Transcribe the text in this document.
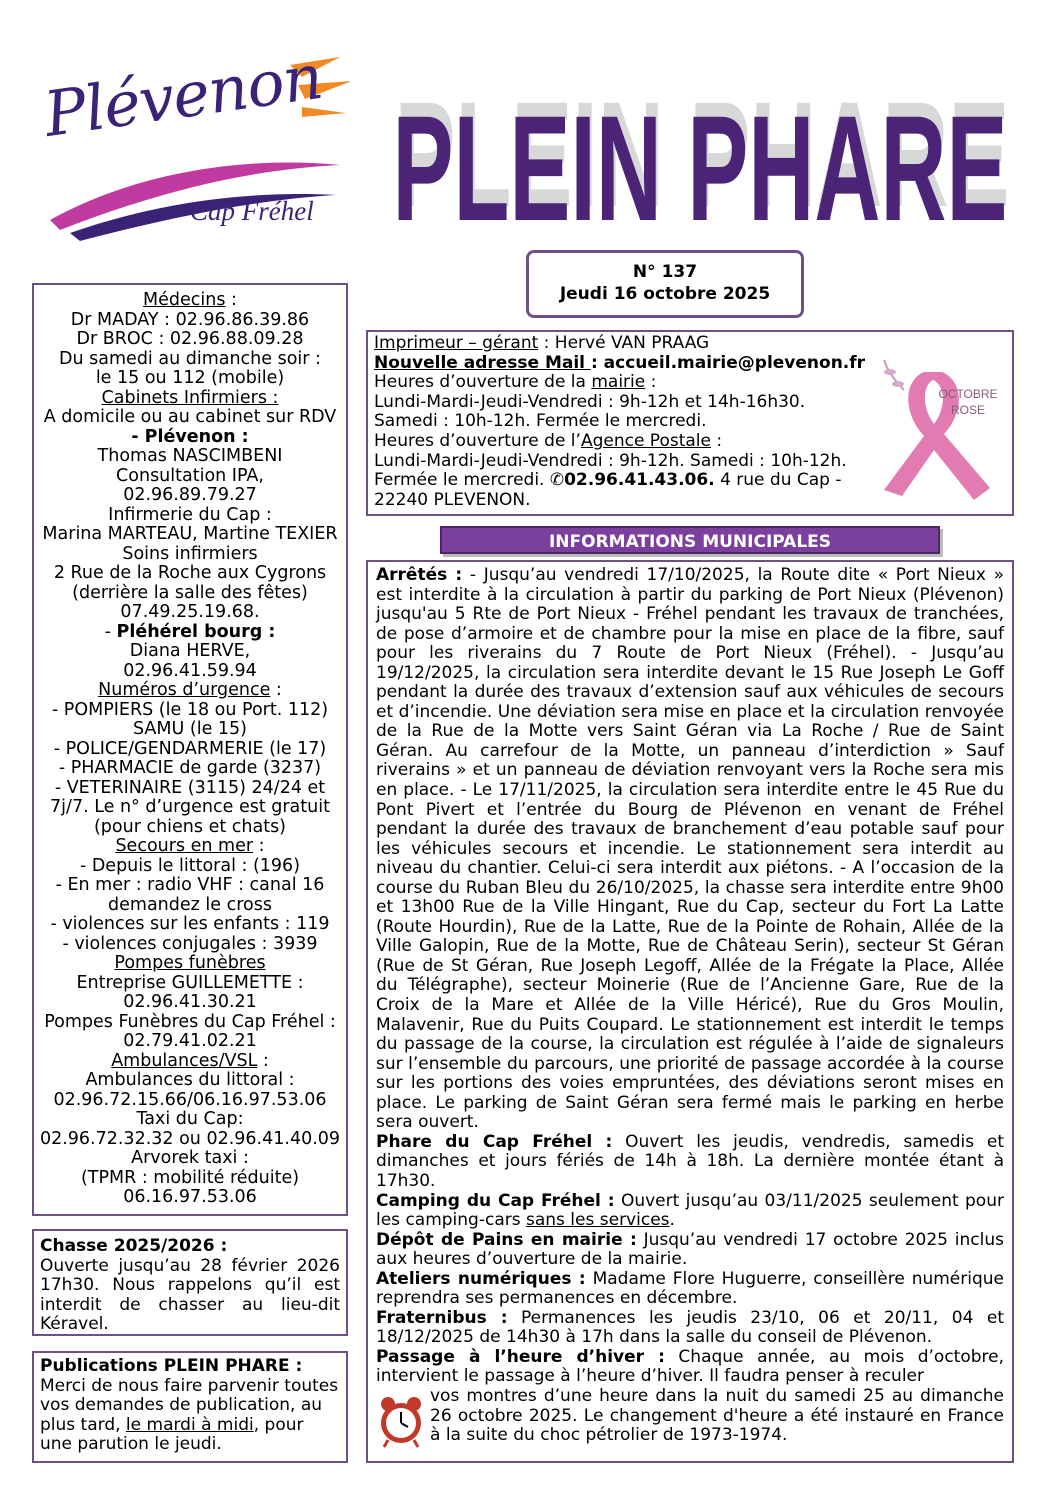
Plévenon
Cap Fréhel PLEIN PHARE
PLEIN PHARE
N° 137
Jeudi 16 octobre 2025
Médecins :
Dr MADAY : 02.96.86.39.86
Dr BROC : 02.96.88.09.28
Du samedi au dimanche soir :
le 15 ou 112 (mobile)
Cabinets Infirmiers :
A domicile ou au cabinet sur RDV
- Plévenon :
Thomas NASCIMBENI
Consultation IPA,
02.96.89.79.27
Infirmerie du Cap :
Marina MARTEAU, Martine TEXIER
Soins infirmiers
2 Rue de la Roche aux Cygrons
(derrière la salle des fêtes)
07.49.25.19.68.
- Pléhérel bourg :
Diana HERVE,
02.96.41.59.94
Numéros d’urgence :
- POMPIERS (le 18 ou Port. 112)
SAMU (le 15)
- POLICE/GENDARMERIE (le 17)
- PHARMACIE de garde (3237)
- VETERINAIRE (3115) 24/24 et
7j/7. Le n° d’urgence est gratuit
(pour chiens et chats)
Secours en mer :
- Depuis le littoral : (196)
- En mer : radio VHF : canal 16
demandez le cross
- violences sur les enfants : 119
- violences conjugales : 3939
Pompes funèbres
Entreprise GUILLEMETTE :
02.96.41.30.21
Pompes Funèbres du Cap Fréhel :
02.79.41.02.21
Ambulances/VSL :
Ambulances du littoral :
02.96.72.15.66/06.16.97.53.06
Taxi du Cap:
02.96.72.32.32 ou 02.96.41.40.09
Arvorek taxi :
(TPMR : mobilité réduite)
06.16.97.53.06
Chasse 2025/2026 :
Ouverte jusqu’au 28 février 2026 17h30. Nous rappelons qu’il est interdit de chasser au lieu-dit Kéravel.
Publications PLEIN PHARE :
Merci de nous faire parvenir toutes vos demandes de publication, au plus tard, le mardi à midi, pour une parution le jeudi.
Imprimeur – gérant : Hervé VAN PRAAG
Nouvelle adresse Mail : accueil.mairie@plevenon.fr
Heures d’ouverture de la mairie :
Lundi-Mardi-Jeudi-Vendredi : 9h-12h et 14h-16h30.
Samedi : 10h-12h. Fermée le mercredi.
Heures d’ouverture de l’Agence Postale :
Lundi-Mardi-Jeudi-Vendredi : 9h-12h. Samedi : 10h-12h.
Fermée le mercredi. ✆02.96.41.43.06. 4 rue du Cap -
22240 PLEVENON.
OCTOBRE
ROSE
INFORMATIONS MUNICIPALES

Arrêtés : - Jusqu’au vendredi 17/10/2025, la Route dite « Port Nieux » est interdite à la circulation à partir du parking de Port Nieux (Plévenon) jusqu'au 5 Rte de Port Nieux - Fréhel pendant les travaux de tranchées, de pose d’armoire et de chambre pour la mise en place de la fibre, sauf pour les riverains du 7 Route de Port Nieux (Fréhel). - Jusqu’au 19/12/2025, la circulation sera interdite devant le 15 Rue Joseph Le Goff pendant la durée des travaux d’extension sauf aux véhicules de secours et d’incendie. Une déviation sera mise en place et la circulation renvoyée de la Rue de la Motte vers Saint Géran via La Roche / Rue de Saint Géran. Au carrefour de la Motte, un panneau d’interdiction » Sauf riverains » et un panneau de déviation renvoyant vers la Roche sera mis en place. - Le 17/11/2025, la circulation sera interdite entre le 45 Rue du Pont Pivert et l’entrée du Bourg de Plévenon en venant de Fréhel pendant la durée des travaux de branchement d’eau potable sauf pour les véhicules secours et incendie. Le stationnement sera interdit au niveau du chantier. Celui-ci sera interdit aux piétons. - A l’occasion de la course du Ruban Bleu du 26/10/2025, la chasse sera interdite entre 9h00 et 13h00 Rue de la Ville Hingant, Rue du Cap, secteur du Fort La Latte (Route Hourdin), Rue de la Latte, Rue de la Pointe de Rohain, Allée de la Ville Galopin, Rue de la Motte, Rue de Château Serin), secteur St Géran (Rue de St Géran, Rue Joseph Legoff, Allée de la Frégate la Place, Allée du Télégraphe), secteur Moinerie (Rue de l’Ancienne Gare, Rue de la Croix de la Mare et Allée de la Ville Héricé), Rue du Gros Moulin, Malavenir, Rue du Puits Coupard. Le stationnement est interdit le temps du passage de la course, la circulation est régulée à l’aide de signaleurs sur l’ensemble du parcours, une priorité de passage accordée à la course sur les portions des voies empruntées, des déviations seront mises en place. Le parking de Saint Géran sera fermé mais le parking en herbe sera ouvert.

Phare du Cap Fréhel : Ouvert les jeudis, vendredis, samedis et dimanches et jours fériés de 14h à 18h. La dernière montée étant à 17h30.

Camping du Cap Fréhel : Ouvert jusqu’au 03/11/2025 seulement pour les camping-cars sans les services.

Dépôt de Pains en mairie : Jusqu’au vendredi 17 octobre 2025 inclus aux heures d’ouverture de la mairie.

Ateliers numériques : Madame Flore Huguerre, conseillère numérique reprendra ses permanences en décembre.

Fraternibus : Permanences les jeudis 23/10, 06 et 20/11, 04 et 18/12/2025 de 14h30 à 17h dans la salle du conseil de Plévenon.

Passage à l’heure d’hiver : Chaque année, au mois d’octobre, intervient le passage à l’heure d’hiver. Il faudra penser à reculer

vos montres d’une heure dans la nuit du samedi 25 au dimanche 26 octobre 2025. Le changement d'heure a été instauré en France à la suite du choc pétrolier de 1973-1974.
